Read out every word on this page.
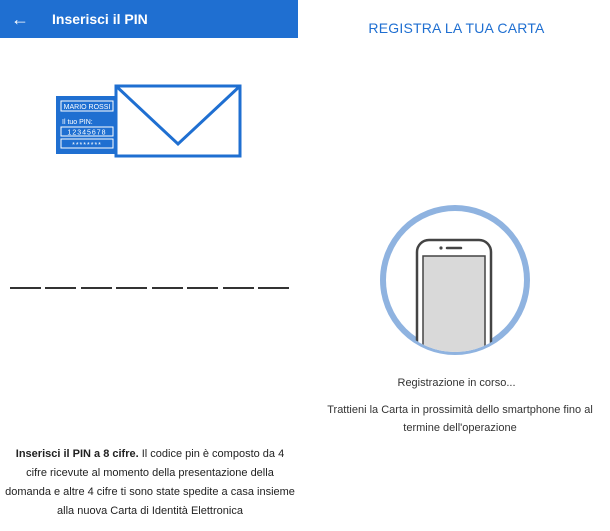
←	Inserisci il PIN
MARIO ROSSI
Il tuo PIN:
12345678
********
Inserisci il PIN a 8 cifre. Il codice pin è composto da 4 cifre ricevute al momento della presentazione della domanda e altre 4 cifre ti sono state spedite a casa insieme alla nuova Carta di Identità Elettronica
REGISTRA LA TUA CARTA
Registrazione in corso...
Trattieni la Carta in prossimità dello smartphone fino al termine dell'operazione
